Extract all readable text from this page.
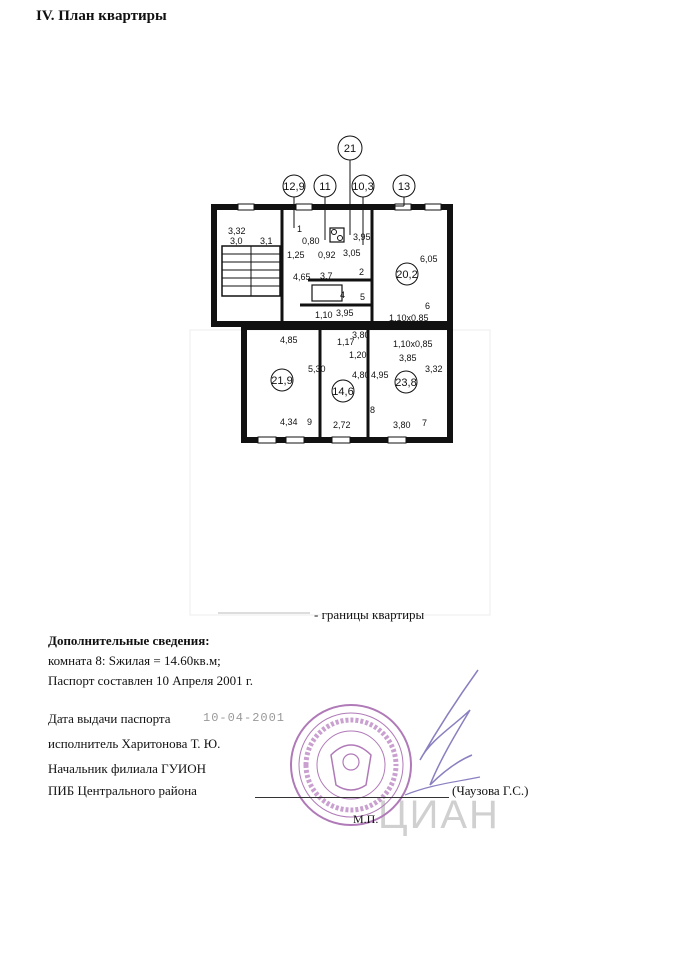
IV. План квартиры
12,9 11
21
10,3 13
20,2
21,9
14,6
23,8
3,32
3,0 3,1	0,80
0,92
1,25
3,95
3,05
2
3,95
1
3,7
4 5
6
6,05
4,65
1,10
4,85	3,80
1,20	3,85
3,32
4,34 9 2,72
8
3,80 7
1,10x0,85
1,10x0,85
1,17
5,30
4,80 4,95
- границы квартиры
Дополнительные сведения:
комната 8: Sжилая = 14.60кв.м;
Паспорт составлен 10 Апреля 2001 г.
Дата выдачи паспорта	10-04-2001
исполнитель Харитонова Т. Ю.
Начальник филиала ГУИОН
ПИБ Центрального района
ЦИАН
(Чаузова Г.С.)
М.П.
